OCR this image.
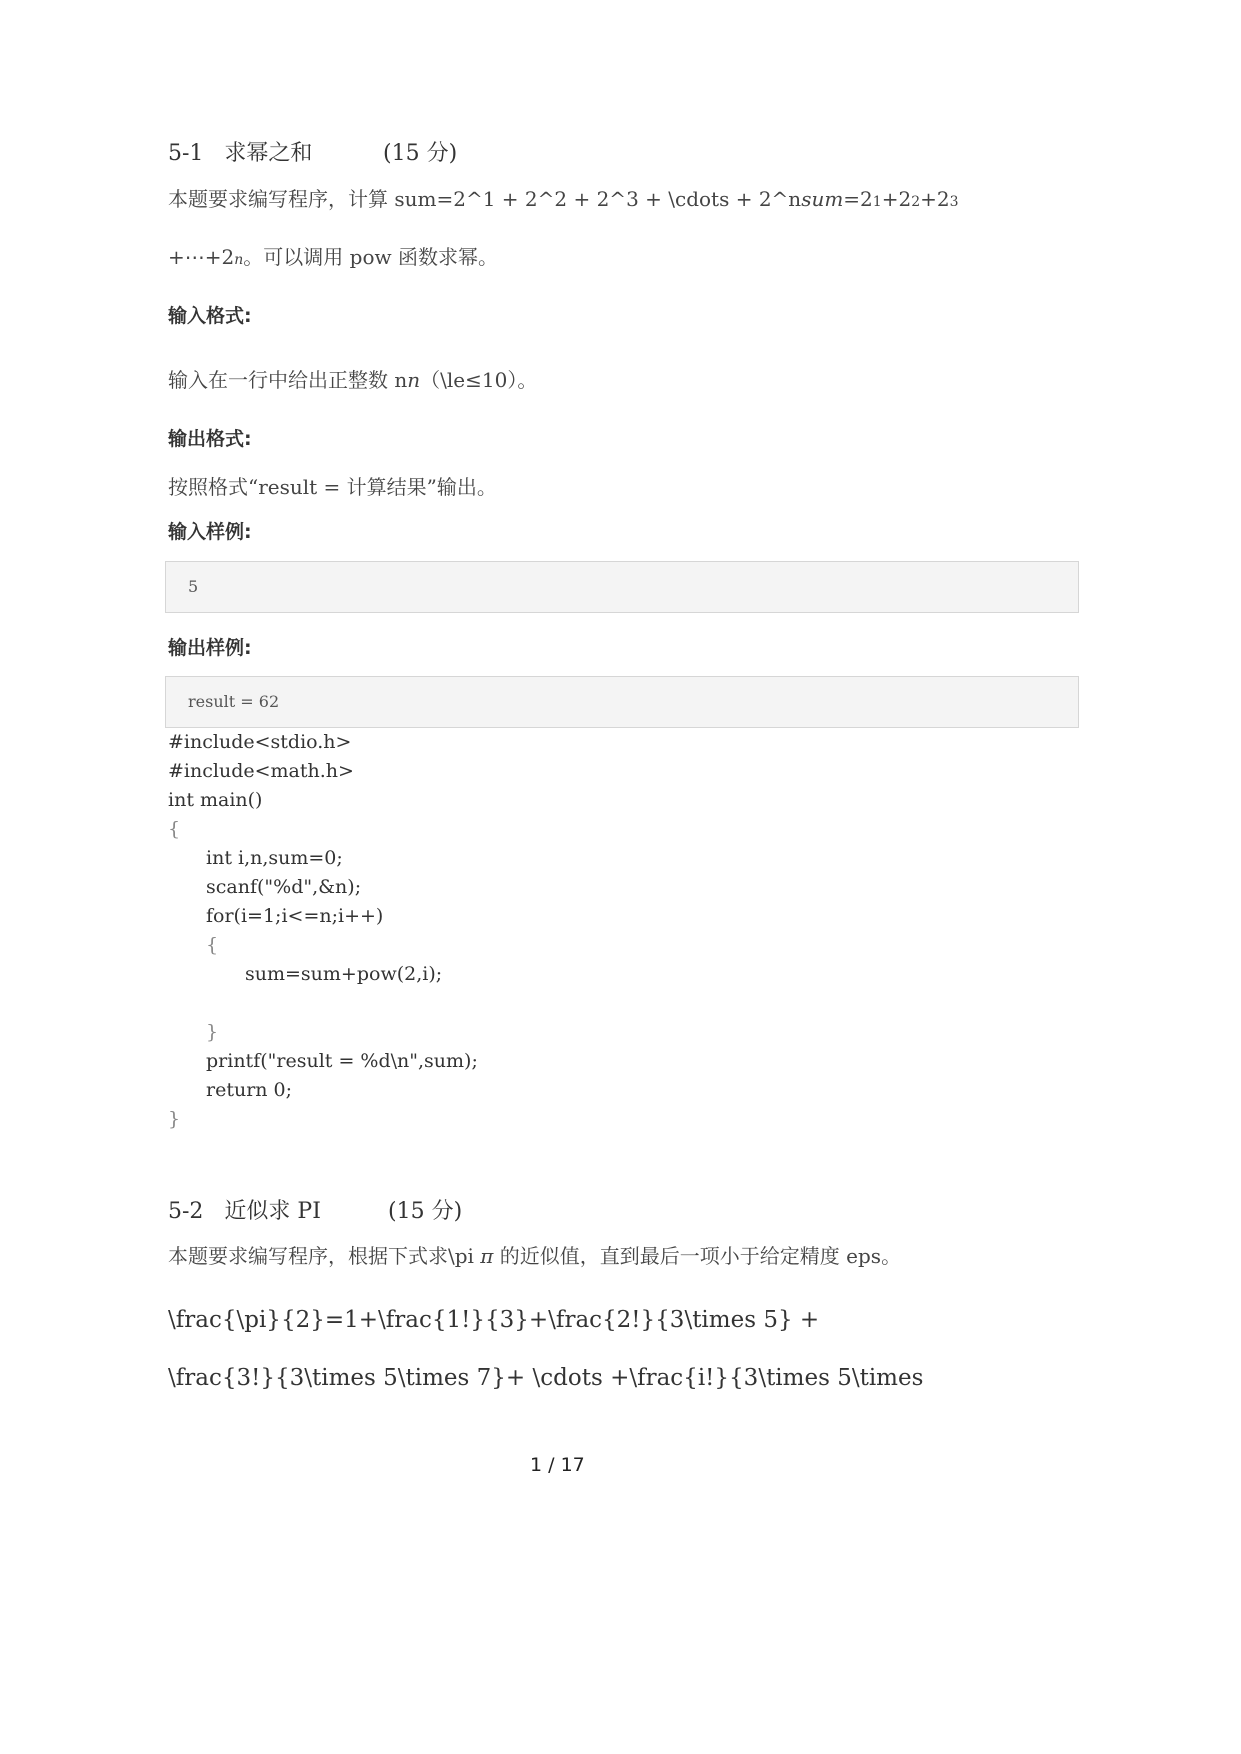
5-1   求幂之和	(15 分)
本题要求编写程序，计算 sum=2^1 + 2^2 + 2^3 + \cdots + 2^nsum=21+22+23
+⋯+2n。可以调用 pow 函数求幂。
输入格式:
输入在一行中给出正整数 nn（\le≤10）。
输出格式:
按照格式“result = 计算结果”输出。
输入样例:
5
输出样例:
result = 62
#include<stdio.h>
#include<math.h>
int main()
{
int i,n,sum=0;
scanf("%d",&n);
for(i=1;i<=n;i++)
{
sum=sum+pow(2,i);
}
printf("result = %d\n",sum);
return 0;
}
5-2   近似求 PI	(15 分)
本题要求编写程序，根据下式求\pi π 的近似值，直到最后一项小于给定精度 eps。
\frac{\pi}{2}=1+\frac{1!}{3}+\frac{2!}{3\times 5} +
\frac{3!}{3\times 5\times 7}+ \cdots +\frac{i!}{3\times 5\times
1 / 17
